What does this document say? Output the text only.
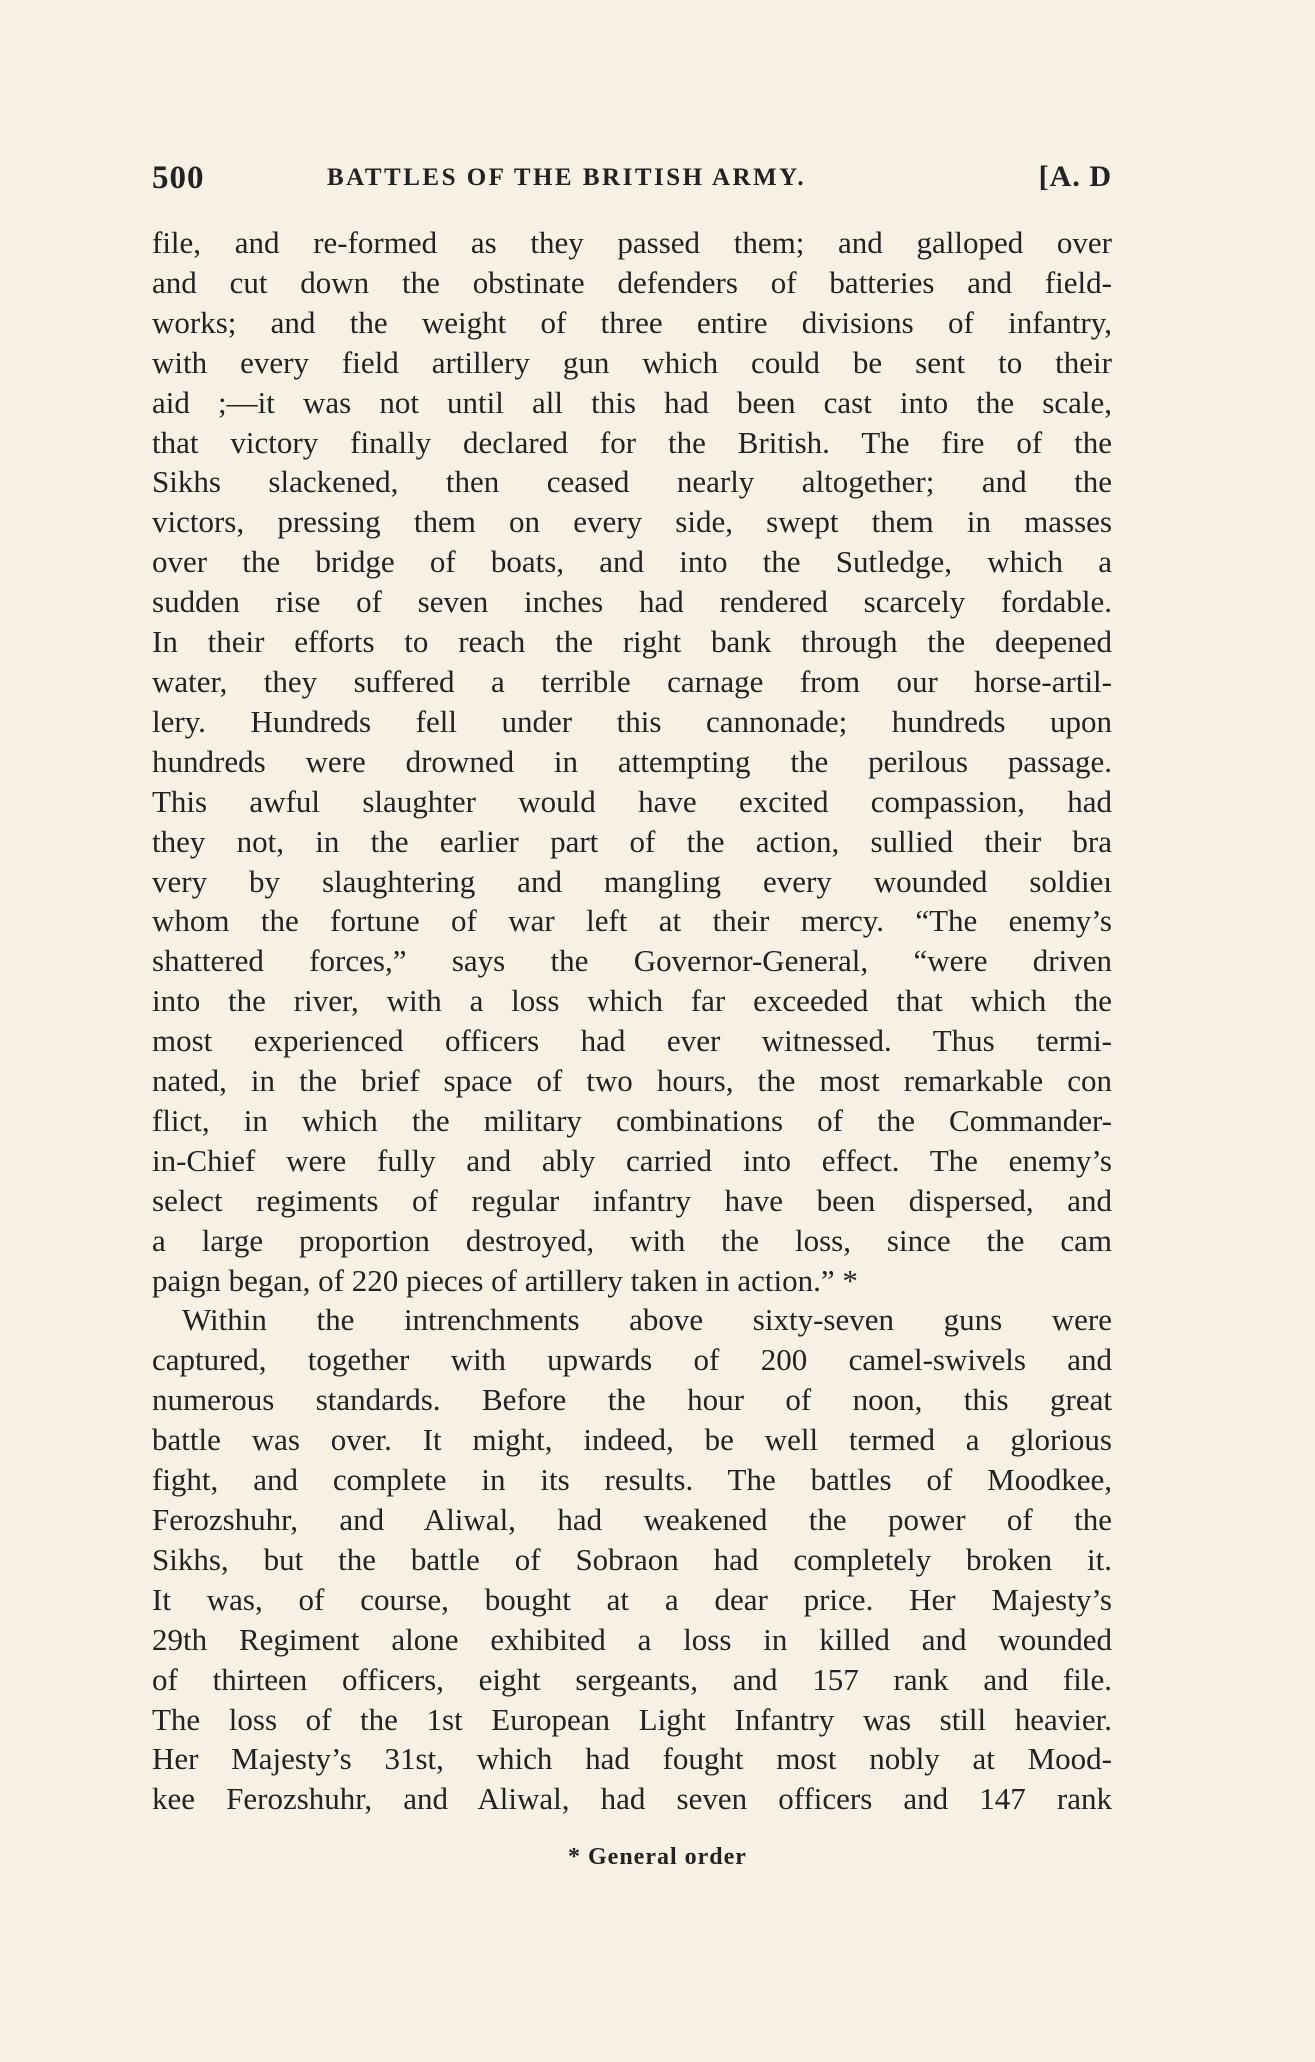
500	BATTLES OF THE BRITISH ARMY.	[A. D
file, and re-formed as they passed them; and galloped over
and cut down the obstinate defenders of batteries and field-
works; and the weight of three entire divisions of infantry,
with every field artillery gun which could be sent to their
aid ;—it was not until all this had been cast into the scale,
that victory finally declared for the British. The fire of the
Sikhs slackened, then ceased nearly altogether; and the
victors, pressing them on every side, swept them in masses
over the bridge of boats, and into the Sutledge, which a
sudden rise of seven inches had rendered scarcely fordable.
In their efforts to reach the right bank through the deepened
water, they suffered a terrible carnage from our horse-artil-
lery. Hundreds fell under this cannonade; hundreds upon
hundreds were drowned in attempting the perilous passage.
This awful slaughter would have excited compassion, had
they not, in the earlier part of the action, sullied their bra
very by slaughtering and mangling every wounded soldieı
whom the fortune of war left at their mercy. “The enemy’s
shattered forces,” says the Governor-General, “were driven
into the river, with a loss which far exceeded that which the
most experienced officers had ever witnessed. Thus termi-
nated, in the brief space of two hours, the most remarkable con
flict, in which the military combinations of the Commander-
in-Chief were fully and ably carried into effect. The enemy’s
select regiments of regular infantry have been dispersed, and
a large proportion destroyed, with the loss, since the cam
paign began, of 220 pieces of artillery taken in action.” *
Within the intrenchments above sixty-seven guns were
captured, together with upwards of 200 camel-swivels and
numerous standards. Before the hour of noon, this great
battle was over. It might, indeed, be well termed a glorious
fight, and complete in its results. The battles of Moodkee,
Ferozshuhr, and Aliwal, had weakened the power of the
Sikhs, but the battle of Sobraon had completely broken it.
It was, of course, bought at a dear price. Her Majesty’s
29th Regiment alone exhibited a loss in killed and wounded
of thirteen officers, eight sergeants, and 157 rank and file.
The loss of the 1st European Light Infantry was still heavier.
Her Majesty’s 31st, which had fought most nobly at Mood-
kee Ferozshuhr, and Aliwal, had seven officers and 147 rank
* General order
